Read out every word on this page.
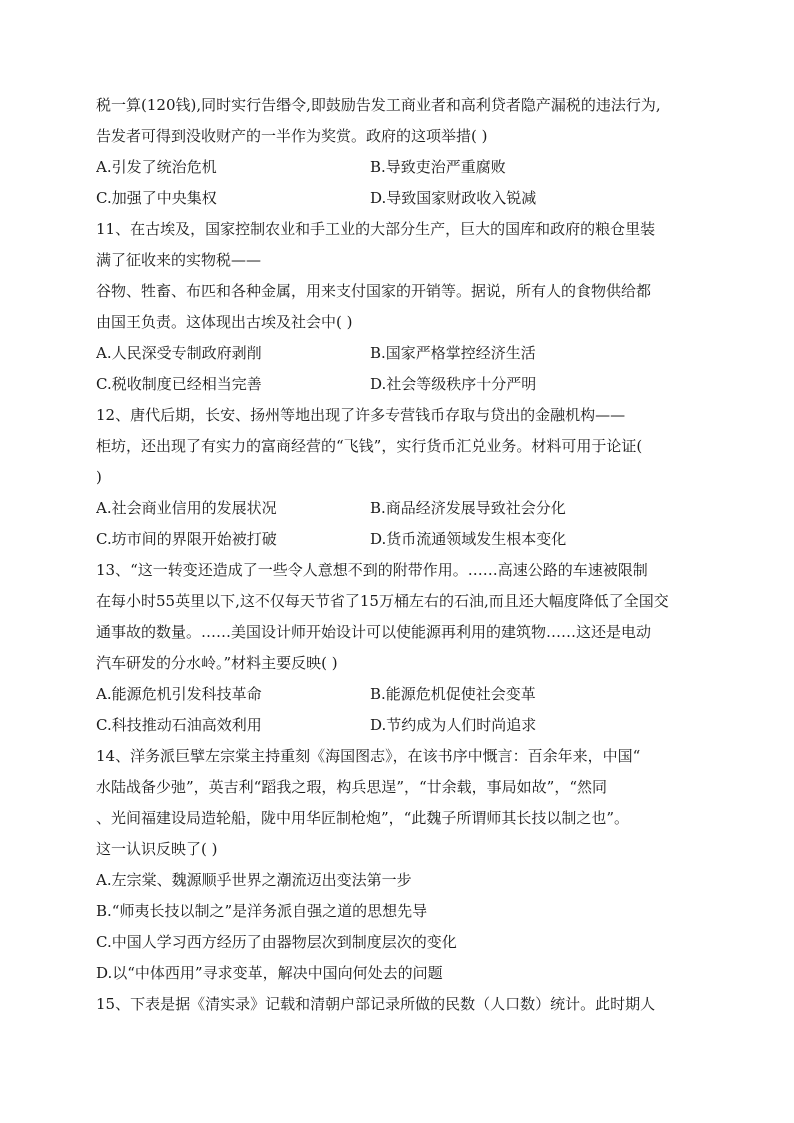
税一算(120钱),同时实行告缗令,即鼓励告发工商业者和高利贷者隐产漏税的违法行为,
告发者可得到没收财产的一半作为奖赏。政府的这项举措( )
A.引发了统治危机	B.导致吏治严重腐败
C.加强了中央集权	D.导致国家财政收入锐减
11、在古埃及，国家控制农业和手工业的大部分生产，巨大的国库和政府的粮仓里装
满了征收来的实物税——
谷物、牲畜、布匹和各种金属，用来支付国家的开销等。据说，所有人的食物供给都
由国王负责。这体现出古埃及社会中( )
A.人民深受专制政府剥削	B.国家严格掌控经济生活
C.税收制度已经相当完善	D.社会等级秩序十分严明
12、唐代后期，长安、扬州等地出现了许多专营钱币存取与贷出的金融机构——
柜坊，还出现了有实力的富商经营的“飞钱”，实行货币汇兑业务。材料可用于论证(
)
A.社会商业信用的发展状况	B.商品经济发展导致社会分化
C.坊市间的界限开始被打破	D.货币流通领域发生根本变化
13、“这一转变还造成了一些令人意想不到的附带作用。……高速公路的车速被限制
在每小时55英里以下,这不仅每天节省了15万桶左右的石油,而且还大幅度降低了全国交
通事故的数量。……美国设计师开始设计可以使能源再利用的建筑物……这还是电动
汽车研发的分水岭。”材料主要反映( )
A.能源危机引发科技革命	B.能源危机促使社会变革
C.科技推动石油高效利用	D.节约成为人们时尚追求
14、洋务派巨擘左宗棠主持重刻《海国图志》，在该书序中慨言：百余年来，中国“
水陆战备少弛”，英吉利“蹈我之瑕，构兵思逞”，“廿余载，事局如故”，“然同
、光间福建设局造轮船，陇中用华匠制枪炮”，“此魏子所谓师其长技以制之也”。
这一认识反映了( )
A.左宗棠、魏源顺乎世界之潮流迈出变法第一步
B.“师夷长技以制之”是洋务派自强之道的思想先导
C.中国人学习西方经历了由器物层次到制度层次的变化
D.以“中体西用”寻求变革，解决中国向何处去的问题
15、下表是据《清实录》记载和清朝户部记录所做的民数（人口数）统计。此时期人
